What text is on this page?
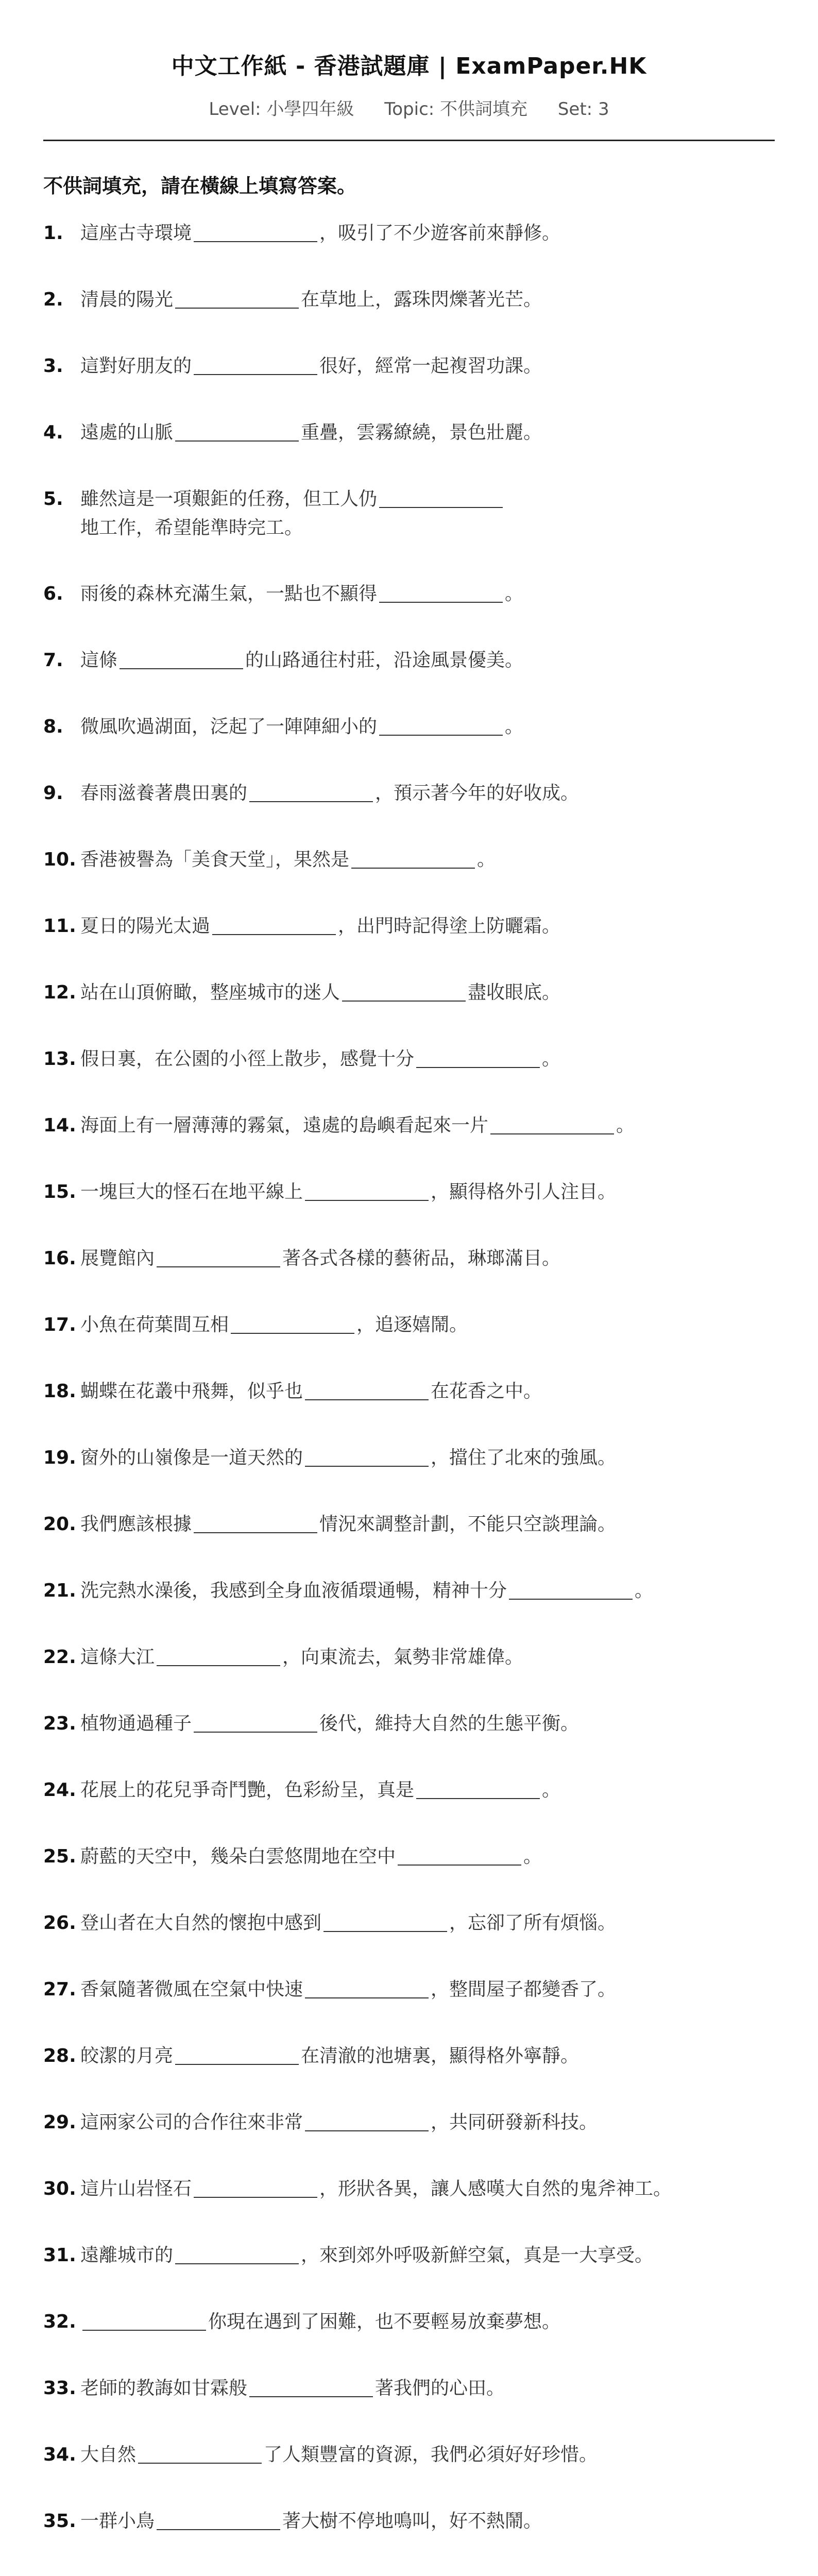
中文工作紙 - 香港試題庫 | ExamPaper.HK
Level: 小學四年級 Topic: 不供詞填充 Set: 3
不供詞填充，請在橫線上填寫答案。
1. 這座古寺環境	，吸引了不少遊客前來靜修。
2. 清晨的陽光	在草地上，露珠閃爍著光芒。
3. 這對好朋友的	很好，經常一起複習功課。
4. 遠處的山脈	重疊，雲霧繚繞，景色壯麗。
5. 雖然這是一項艱鉅的任務，但工人仍
地工作，希望能準時完工。
6. 雨後的森林充滿生氣，一點也不顯得	。
7. 這條	的山路通往村莊，沿途風景優美。
8. 微風吹過湖面，泛起了一陣陣細小的	。
9. 春雨滋養著農田裏的	，預示著今年的好收成。
10. 香港被譽為「美食天堂」，果然是	。
11. 夏日的陽光太過	，出門時記得塗上防曬霜。
12. 站在山頂俯瞰，整座城市的迷人	盡收眼底。
13. 假日裏，在公園的小徑上散步，感覺十分	。
14. 海面上有一層薄薄的霧氣，遠處的島嶼看起來一片	。
15. 一塊巨大的怪石在地平線上	，顯得格外引人注目。
16. 展覽館內	著各式各樣的藝術品，琳瑯滿目。
17. 小魚在荷葉間互相	，追逐嬉鬧。
18. 蝴蝶在花叢中飛舞，似乎也	在花香之中。
19. 窗外的山嶺像是一道天然的	，擋住了北來的強風。
20. 我們應該根據	情況來調整計劃，不能只空談理論。
21. 洗完熱水澡後，我感到全身血液循環通暢，精神十分	。
22. 這條大江	，向東流去，氣勢非常雄偉。
23. 植物通過種子	後代，維持大自然的生態平衡。
24. 花展上的花兒爭奇鬥艷，色彩紛呈，真是	。
25. 蔚藍的天空中，幾朵白雲悠閒地在空中	。
26. 登山者在大自然的懷抱中感到	，忘卻了所有煩惱。
27. 香氣隨著微風在空氣中快速	，整間屋子都變香了。
28. 皎潔的月亮	在清澈的池塘裏，顯得格外寧靜。
29. 這兩家公司的合作往來非常	，共同研發新科技。
30. 這片山岩怪石	，形狀各異，讓人感嘆大自然的鬼斧神工。
31. 遠離城市的	，來到郊外呼吸新鮮空氣，真是一大享受。
32.	你現在遇到了困難，也不要輕易放棄夢想。
33. 老師的教誨如甘霖般	著我們的心田。
34. 大自然	了人類豐富的資源，我們必須好好珍惜。
35. 一群小鳥	著大樹不停地鳴叫，好不熱鬧。
